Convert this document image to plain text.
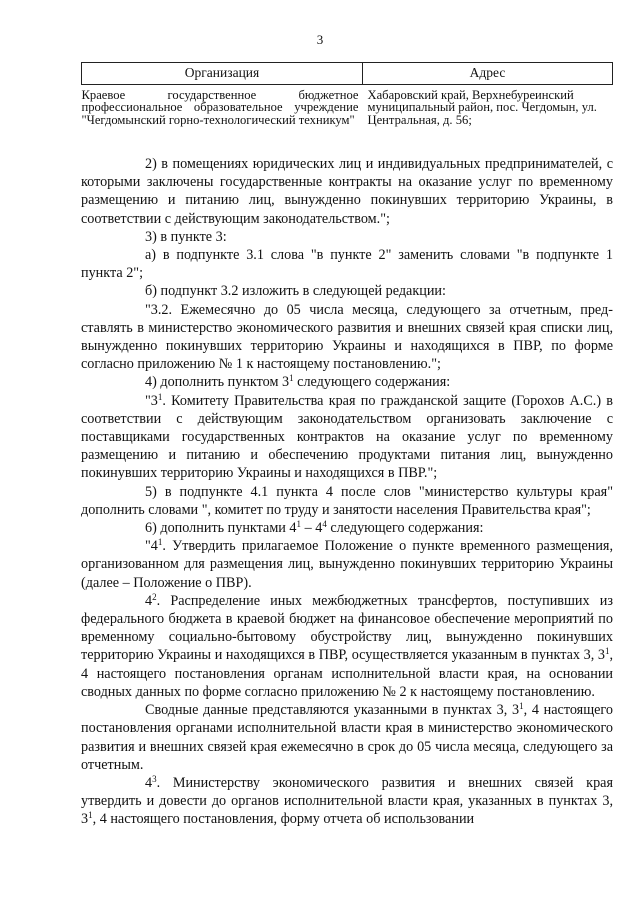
3
Организация	Адрес
Краевое государственное бюджетное профессиональное образовательное учреждение "Чегдомынский горно-технологический техникум"	Хабаровский край, Верхнебуреинский муниципальный район, пос. Чегдомын, ул. Центральная, д. 56;

2) в помещениях юридических лиц и индивидуальных предпринимателей, с которыми заключены государственные контракты на оказание услуг по временному размещению и питанию лиц, вынужденно покинувших территорию Украины, в соответствии с действующим законодательством.";

3) в пункте 3:

а) в подпункте 3.1 слова "в пункте 2" заменить словами "в подпункте 1 пункта 2";

б) подпункт 3.2 изложить в следующей редакции:

"3.2. Ежемесячно до 05 числа месяца, следующего за отчетным, представлять в министерство экономического развития и внешних связей края списки лиц, вынужденно покинувших территорию Украины и находящихся в ПВР, по форме согласно приложению № 1 к настоящему постановлению.";

4) дополнить пунктом $3^1$ следующего содержания:

"$3^1$. Комитету Правительства края по гражданской защите (Горохов А.С.) в соответствии с действующим законодательством организовать заключение с поставщиками государственных контрактов на оказание услуг по временному размещению и питанию и обеспечению продуктами питания лиц, вынужденно покинувших территорию Украины и находящихся в ПВР.";

5) в подпункте 4.1 пункта 4 после слов "министерство культуры края" дополнить словами ", комитет по труду и занятости населения Правительства края";

6) дополнить пунктами $4^1 - 4^4$ следующего содержания:

"$4^1$. Утвердить прилагаемое Положение о пункте временного размещения, организованном для размещения лиц, вынужденно покинувших территорию Украины (далее – Положение о ПВР).

$4^2$. Распределение иных межбюджетных трансфертов, поступивших из федерального бюджета в краевой бюджет на финансовое обеспечение мероприятий по временному социально-бытовому обустройству лиц, вынужденно покинувших территорию Украины и находящихся в ПВР, осуществляется указанным в пунктах 3, $3^1$, 4 настоящего постановления органам исполнительной власти края, на основании сводных данных по форме согласно приложению № 2 к настоящему постановлению.

Сводные данные представляются указанными в пунктах 3, $3^1$, 4 настоящего постановления органами исполнительной власти края в министерство экономического развития и внешних связей края ежемесячно в срок до 05 числа месяца, следующего за отчетным.

$4^3$. Министерству экономического развития и внешних связей края утвердить и довести до органов исполнительной власти края, указанных в пунктах 3, $3^1$, 4 настоящего постановления, форму отчета об использовании
